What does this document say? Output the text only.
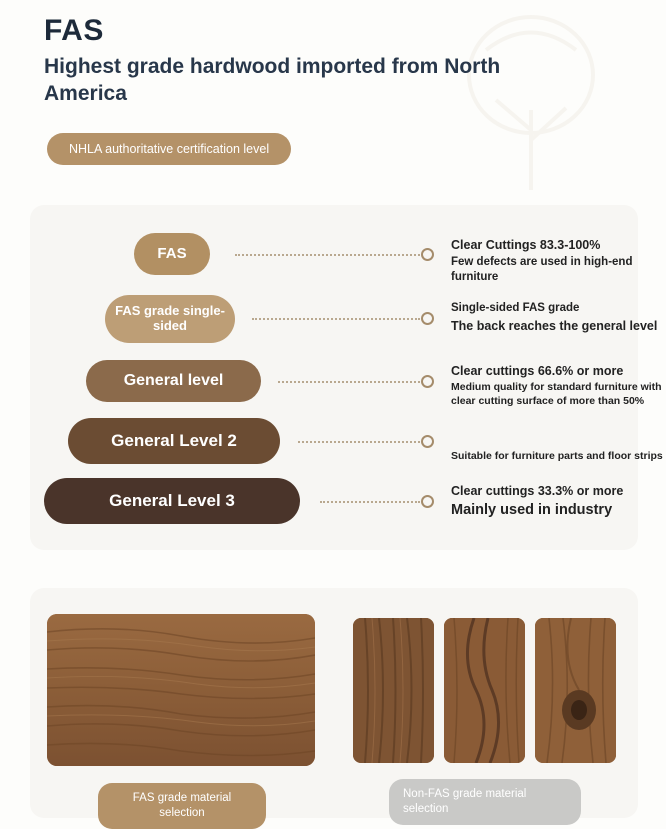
FAS
Highest grade hardwood imported from North America
NHLA authoritative certification level
FAS
Clear Cuttings 83.3-100%
Few defects are used in high-end furniture
FAS grade single-sided
Single-sided FAS grade
The back reaches the general level
General level
Clear cuttings 66.6% or more
Medium quality for standard furniture with clear cutting surface of more than 50%
General Level 2
Suitable for furniture parts and floor strips
General Level 3
Clear cuttings 33.3% or more
Mainly used in industry
FAS grade material selection
Non-FAS grade material selection
